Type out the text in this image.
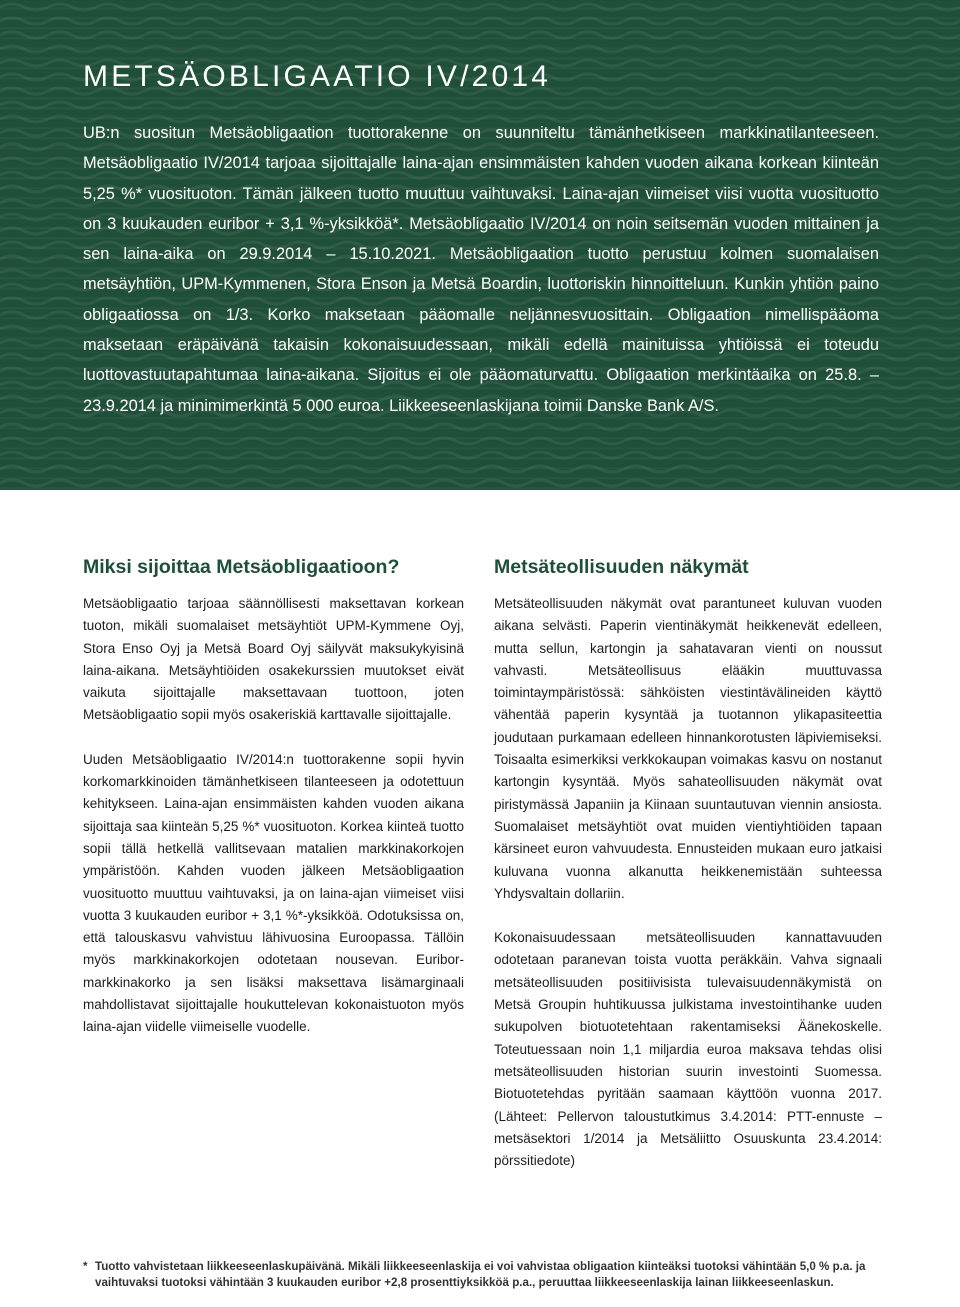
METSÄOBLIGAATIO IV/2014

UB:n suositun Metsäobligaation tuottorakenne on suunniteltu tämänhetkiseen markkinatilanteeseen. Metsäobligaatio IV/2014 tarjoaa sijoittajalle laina-ajan ensimmäisten kahden vuoden aikana korkean kiinteän 5,25 %* vuosituoton. Tämän jälkeen tuotto muuttuu vaihtuvaksi. Laina-ajan viimeiset viisi vuotta vuosituotto on 3 kuukauden euribor + 3,1 %-yksikköä*. Metsäobligaatio IV/2014 on noin seitsemän vuoden mittainen ja sen laina-aika on 29.9.2014 – 15.10.2021. Metsäobligaation tuotto perustuu kolmen suomalaisen metsäyhtiön, UPM-Kymmenen, Stora Enson ja Metsä Boardin, luottoriskin hinnoitteluun. Kunkin yhtiön paino obligaatiossa on 1/3. Korko maksetaan pääomalle neljännesvuosittain. Obligaation nimellispääoma maksetaan eräpäivänä takaisin kokonaisuudessaan, mikäli edellä mainituissa yhtiöissä ei toteudu luottovastuutapahtumaa laina-aikana. Sijoitus ei ole pääomaturvattu. Obligaation merkintäaika on 25.8. – 23.9.2014 ja minimimerkintä 5 000 euroa. Liikkeeseenlaskijana toimii Danske Bank A/S.

Miksi sijoittaa Metsäobligaatioon?

Metsäobligaatio tarjoaa säännöllisesti maksettavan korkean tuoton, mikäli suomalaiset metsäyhtiöt UPM-Kymmene Oyj, Stora Enso Oyj ja Metsä Board Oyj säilyvät maksukykyisinä laina-aikana. Metsäyhtiöiden osakekurssien muutokset eivät vaikuta sijoittajalle maksettavaan tuottoon, joten Metsäobligaatio sopii myös osakeriskiä karttavalle sijoittajalle.

Uuden Metsäobligaatio IV/2014:n tuottorakenne sopii hyvin korkomarkkinoiden tämänhetkiseen tilanteeseen ja odotettuun kehitykseen. Laina-ajan ensimmäisten kahden vuoden aikana sijoittaja saa kiinteän 5,25 %* vuosituoton. Korkea kiinteä tuotto sopii tällä hetkellä vallitsevaan matalien markkinakorkojen ympäristöön. Kahden vuoden jälkeen Metsäobligaation vuosituotto muuttuu vaihtuvaksi, ja on laina-ajan viimeiset viisi vuotta 3 kuukauden euribor + 3,1 %*-yksikköä. Odotuksissa on, että talouskasvu vahvistuu lähivuosina Euroopassa. Tällöin myös markkinakorkojen odotetaan nousevan. Euribor-markkinakorko ja sen lisäksi maksettava lisämarginaali mahdollistavat sijoittajalle houkuttelevan kokonaistuoton myös laina-ajan viidelle viimeiselle vuodelle.

Metsäteollisuuden näkymät

Metsäteollisuuden näkymät ovat parantuneet kuluvan vuoden aikana selvästi. Paperin vientinäkymät heikkenevät edelleen, mutta sellun, kartongin ja sahatavaran vienti on noussut vahvasti. Metsäteollisuus elääkin muuttuvassa toimintaympäristössä: sähköisten viestintävälineiden käyttö vähentää paperin kysyntää ja tuotannon ylikapasiteettia joudutaan purkamaan edelleen hinnankorotusten läpiviemiseksi. Toisaalta esimerkiksi verkkokaupan voimakas kasvu on nostanut kartongin kysyntää. Myös sahateollisuuden näkymät ovat piristymässä Japaniin ja Kiinaan suuntautuvan viennin ansiosta. Suomalaiset metsäyhtiöt ovat muiden vientiyhtiöiden tapaan kärsineet euron vahvuudesta. Ennusteiden mukaan euro jatkaisi kuluvana vuonna alkanutta heikkenemistään suhteessa Yhdysvaltain dollariin.

Kokonaisuudessaan metsäteollisuuden kannattavuuden odotetaan paranevan toista vuotta peräkkäin. Vahva signaali metsäteollisuuden positiivisista tulevaisuudennäkymistä on Metsä Groupin huhtikuussa julkistama investointihanke uuden sukupolven biotuotetehtaan rakentamiseksi Äänekoskelle. Toteutuessaan noin 1,1 miljardia euroa maksava tehdas olisi metsäteollisuuden historian suurin investointi Suomessa. Biotuotetehdas pyritään saamaan käyttöön vuonna 2017. (Lähteet: Pellervon taloustutkimus 3.4.2014: PTT-ennuste – metsäsektori 1/2014 ja Metsäliitto Osuuskunta 23.4.2014: pörssitiedote)

* Tuotto vahvistetaan liikkeeseenlaskupäivänä. Mikäli liikkeeseenlaskija ei voi vahvistaa obligaation kiinteäksi tuotoksi vähintään 5,0 % p.a. ja vaihtuvaksi tuotoksi vähintään 3 kuukauden euribor +2,8 prosenttiyksikköä p.a., peruuttaa liikkeeseenlaskija lainan liikkeeseenlaskun.
